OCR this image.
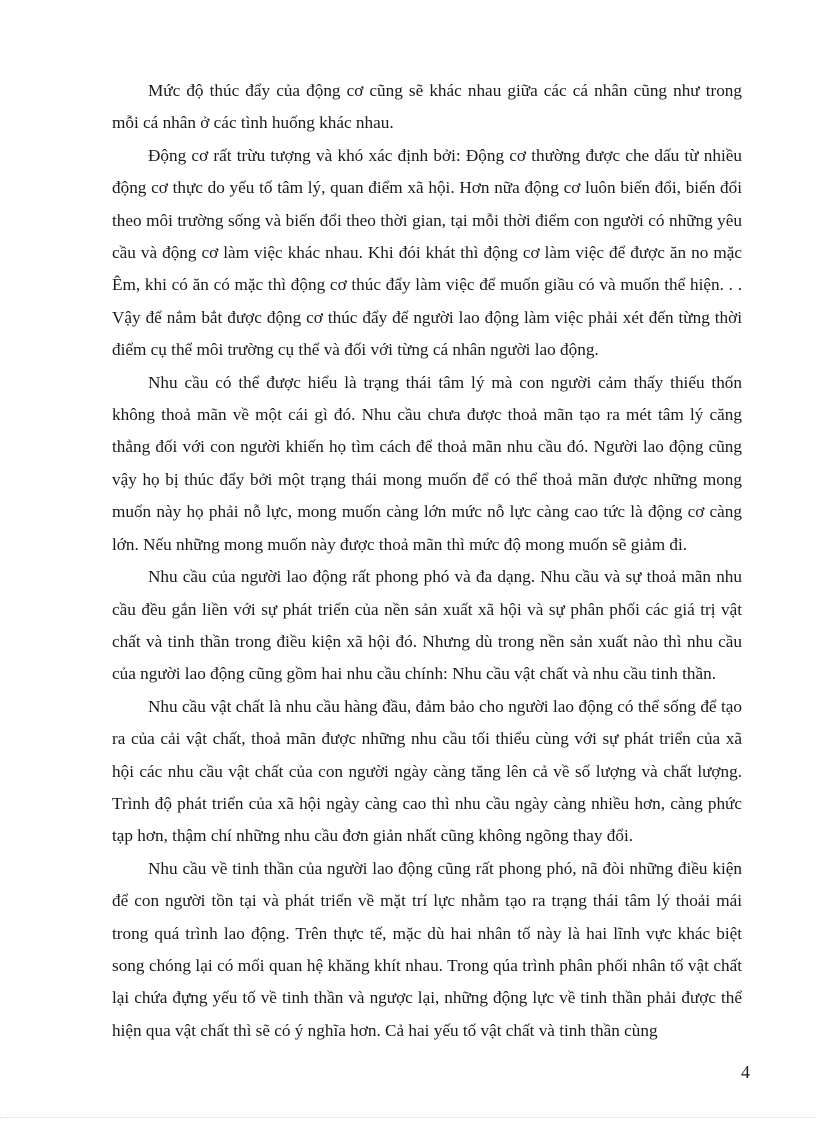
Mức độ thúc đẩy của động cơ cũng sẽ khác nhau giữa các cá nhân cũng như trong mỗi cá nhân ở các tình huống khác nhau.

Động cơ rất trừu tượng và khó xác định bởi: Động cơ thường được che dấu từ nhiều động cơ thực do yếu tố tâm lý, quan điểm xã hội. Hơn nữa động cơ luôn biến đổi, biến đổi theo môi trường sống và biến đổi theo thời gian, tại mỗi thời điểm con người có những yêu cầu và động cơ làm việc khác nhau. Khi đói khát thì động cơ làm việc để được ăn no mặc Êm, khi có ăn có mặc thì động cơ thúc đẩy làm việc để muốn giầu có và muốn thể hiện. . . Vậy để nắm bắt được động cơ thúc đẩy để người lao động làm việc phải xét đến từng thời điểm cụ thể môi trường cụ thể và đối với từng cá nhân người lao động.

Nhu cầu có thể được hiểu là trạng thái tâm lý mà con người cảm thấy thiếu thốn không thoả mãn về một cái gì đó. Nhu cầu chưa được thoả mãn tạo ra mét tâm lý căng thẳng đối với con người khiến họ tìm cách để thoả mãn nhu cầu đó. Người lao động cũng vậy họ bị thúc đẩy bởi một trạng thái mong muốn để có thể thoả mãn được những mong muốn này họ phải nỗ lực, mong muốn càng lớn mức nỗ lực càng cao tức là động cơ càng lớn. Nếu những mong muốn này được thoả mãn thì mức độ mong muốn sẽ giảm đi.

Nhu cầu của người lao động rất phong phó và đa dạng. Nhu cầu và sự thoả mãn nhu cầu đều gắn liền với sự phát triển của nền sản xuất xã hội và sự phân phối các giá trị vật chất và tinh thần trong điều kiện xã hội đó. Nhưng dù trong nền sản xuất nào thì nhu cầu của người lao động cũng gồm hai nhu cầu chính: Nhu cầu vật chất và nhu cầu tinh thần.

Nhu cầu vật chất là nhu cầu hàng đầu, đảm bảo cho người lao động có thể sống để tạo ra của cải vật chất, thoả mãn được những nhu cầu tối thiểu cùng với sự phát triển của xã hội các nhu cầu vật chất của con người ngày càng tăng lên cả về số lượng và chất lượng. Trình độ phát triển của xã hội ngày càng cao thì nhu cầu ngày càng nhiều hơn, càng phức tạp hơn, thậm chí những nhu cầu đơn giản nhất cũng không ngõng thay đổi.

Nhu cầu về tinh thần của người lao động cũng rất phong phó, nã đòi những điều kiện để con người tồn tại và phát triển về mặt trí lực nhằm tạo ra trạng thái tâm lý thoải mái trong quá trình lao động. Trên thực tế, mặc dù hai nhân tố này là hai lĩnh vực khác biệt song chóng lại có mối quan hệ khăng khít nhau. Trong qúa trình phân phối nhân tố vật chất lại chứa đựng yếu tố về tinh thần và ngược lại, những động lực về tinh thần phải được thể hiện qua vật chất thì sẽ có ý nghĩa hơn. Cả hai yếu tố vật chất và tinh thần cùng

4
